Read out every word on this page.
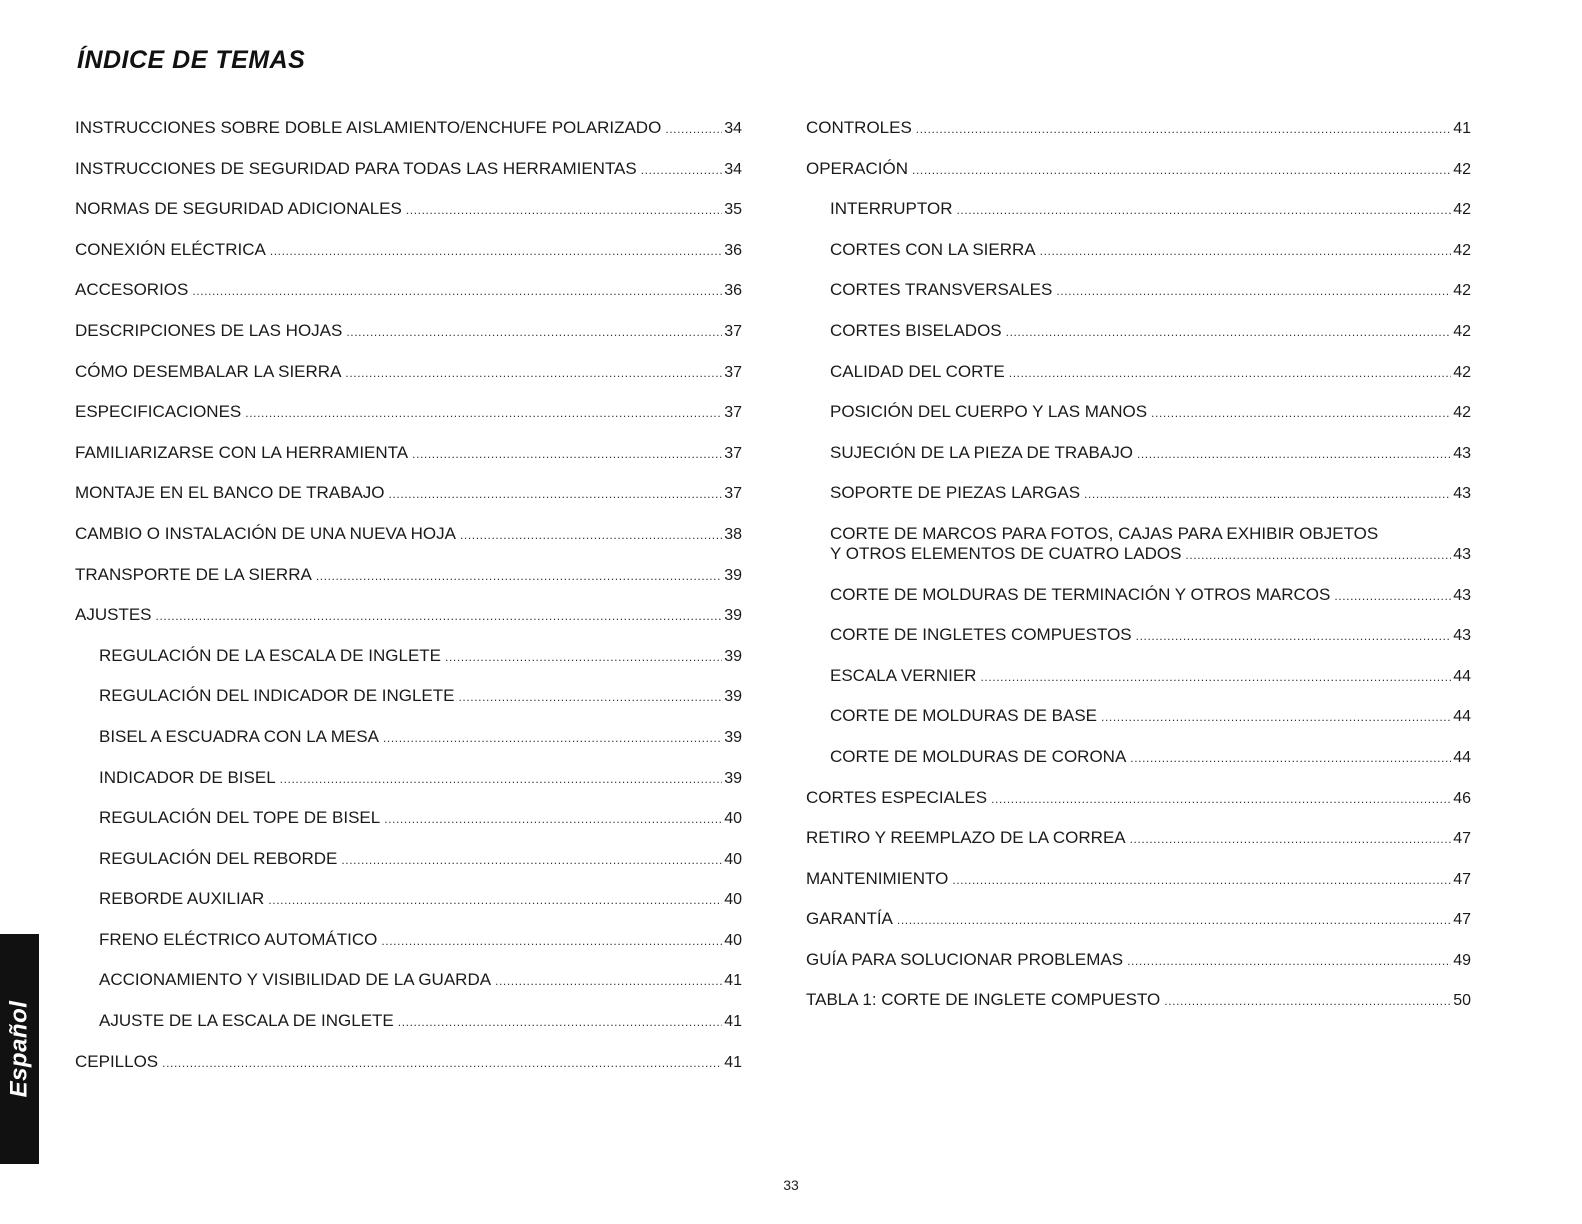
ÍNDICE DE TEMAS
INSTRUCCIONES SOBRE DOBLE AISLAMIENTO/ENCHUFE POLARIZADO .....	34
INSTRUCCIONES DE SEGURIDAD PARA TODAS LAS HERRAMIENTAS .....	34
NORMAS DE SEGURIDAD ADICIONALES .....	35
CONEXIÓN ELÉCTRICA .....	36
ACCESORIOS .....	36
DESCRIPCIONES DE LAS HOJAS .....	37
CÓMO DESEMBALAR LA SIERRA .....	37
ESPECIFICACIONES .....	37
FAMILIARIZARSE CON LA HERRAMIENTA .....	37
MONTAJE EN EL BANCO DE TRABAJO .....	37
CAMBIO O INSTALACIÓN DE UNA NUEVA HOJA .....	38
TRANSPORTE DE LA SIERRA .....	39
AJUSTES .....	39
REGULACIÓN DE LA ESCALA DE INGLETE .....	39
REGULACIÓN DEL INDICADOR DE INGLETE .....	39
BISEL A ESCUADRA CON LA MESA .....	39
INDICADOR DE BISEL .....	39
REGULACIÓN DEL TOPE DE BISEL .....	40
REGULACIÓN DEL REBORDE .....	40
REBORDE AUXILIAR .....	40
FRENO ELÉCTRICO AUTOMÁTICO .....	40
ACCIONAMIENTO Y VISIBILIDAD DE LA GUARDA .....	41
AJUSTE DE LA ESCALA DE INGLETE .....	41
CEPILLOS .....	41
CONTROLES .....	41
OPERACIÓN .....	42
INTERRUPTOR .....	42
CORTES CON LA SIERRA .....	42
CORTES TRANSVERSALES .....	42
CORTES BISELADOS .....	42
CALIDAD DEL CORTE .....	42
POSICIÓN DEL CUERPO Y LAS MANOS .....	42
SUJECIÓN DE LA PIEZA DE TRABAJO .....	43
SOPORTE DE PIEZAS LARGAS .....	43
CORTE DE MARCOS PARA FOTOS, CAJAS PARA EXHIBIR OBJETOS
Y OTROS ELEMENTOS DE CUATRO LADOS .....	43
CORTE DE MOLDURAS DE TERMINACIÓN Y OTROS MARCOS .....	43
CORTE DE INGLETES COMPUESTOS .....	43
ESCALA VERNIER .....	44
CORTE DE MOLDURAS DE BASE .....	44
CORTE DE MOLDURAS DE CORONA .....	44
CORTES ESPECIALES .....	46
RETIRO Y REEMPLAZO DE LA CORREA .....	47
MANTENIMIENTO .....	47
GARANTÍA .....	47
GUÍA PARA SOLUCIONAR PROBLEMAS .....	49
TABLA 1: CORTE DE INGLETE COMPUESTO .....	50
Español
33
